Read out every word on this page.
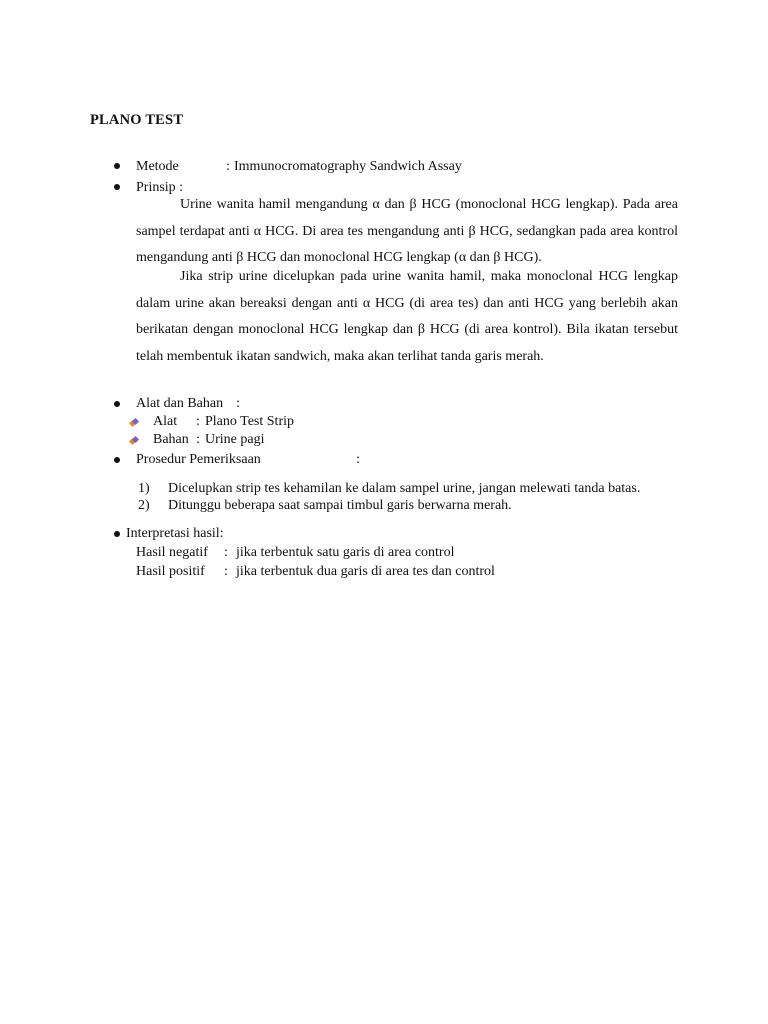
PLANO TEST
Metode	: Immunocromatography Sandwich Assay
Prinsip :
Urine wanita hamil mengandung α dan β HCG (monoclonal HCG lengkap). Pada area sampel terdapat anti α HCG. Di area tes mengandung anti β HCG, sedangkan pada area kontrol mengandung anti β HCG dan monoclonal HCG lengkap (α dan β HCG).
Jika strip urine dicelupkan pada urine wanita hamil, maka monoclonal HCG lengkap dalam urine akan bereaksi dengan anti α HCG (di area tes) dan anti HCG yang berlebih akan berikatan dengan monoclonal HCG lengkap dan β HCG (di area kontrol). Bila ikatan tersebut telah membentuk ikatan sandwich, maka akan terlihat tanda garis merah.
Alat dan Bahan :
Alat : Plano Test Strip
Bahan : Urine pagi
Prosedur Pemeriksaan	:
1) Dicelupkan strip tes kehamilan ke dalam sampel urine, jangan melewati tanda batas.
2) Ditunggu beberapa saat sampai timbul garis berwarna merah.
Interpretasi hasil:
Hasil negatif : jika terbentuk satu garis di area control
Hasil positif : jika terbentuk dua garis di area tes dan control
